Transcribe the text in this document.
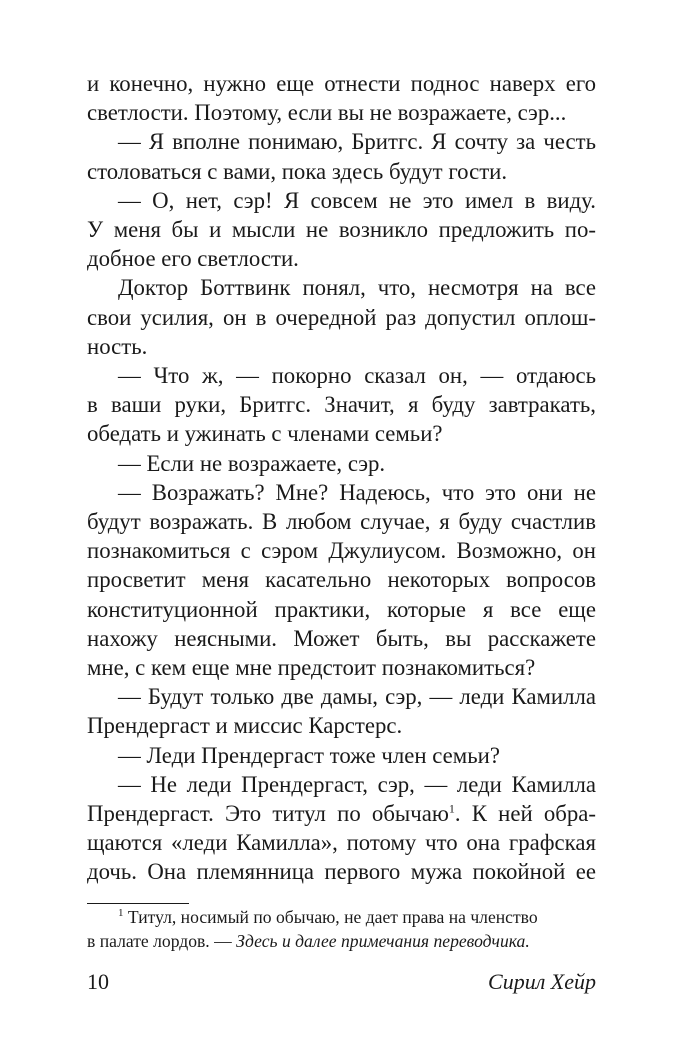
и конечно, нужно еще отнести поднос наверх его
светлости. Поэтому, если вы не возражаете, сэр...
— Я вполне понимаю, Бритгс. Я сочту за честь
столоваться с вами, пока здесь будут гости.
— О, нет, сэр! Я совсем не это имел в виду.
У меня бы и мысли не возникло предложить по-
добное его светлости.
Доктор Боттвинк понял, что, несмотря на все
свои усилия, он в очередной раз допустил оплош-
ность.
— Что ж, — покорно сказал он, — отдаюсь
в ваши руки, Бритгс. Значит, я буду завтракать,
обедать и ужинать с членами семьи?
— Если не возражаете, сэр.
— Возражать? Мне? Надеюсь, что это они не
будут возражать. В любом случае, я буду счастлив
познакомиться с сэром Джулиусом. Возможно, он
просветит меня касательно некоторых вопросов
конституционной практики, которые я все еще
нахожу неясными. Может быть, вы расскажете
мне, с кем еще мне предстоит познакомиться?
— Будут только две дамы, сэр, — леди Камилла
Прендергаст и миссис Карстерс.
— Леди Прендергаст тоже член семьи?
— Не леди Прендергаст, сэр, — леди Камилла
Прендергаст. Это титул по обычаю$^1$. К ней обра-
щаются «леди Камилла», потому что она графская
дочь. Она племянница первого мужа покойной ее
$^1$ Титул, носимый по обычаю, не дает права на членство
в палате лордов. — Здесь и далее примечания переводчика.
10	Сирил Хейр
